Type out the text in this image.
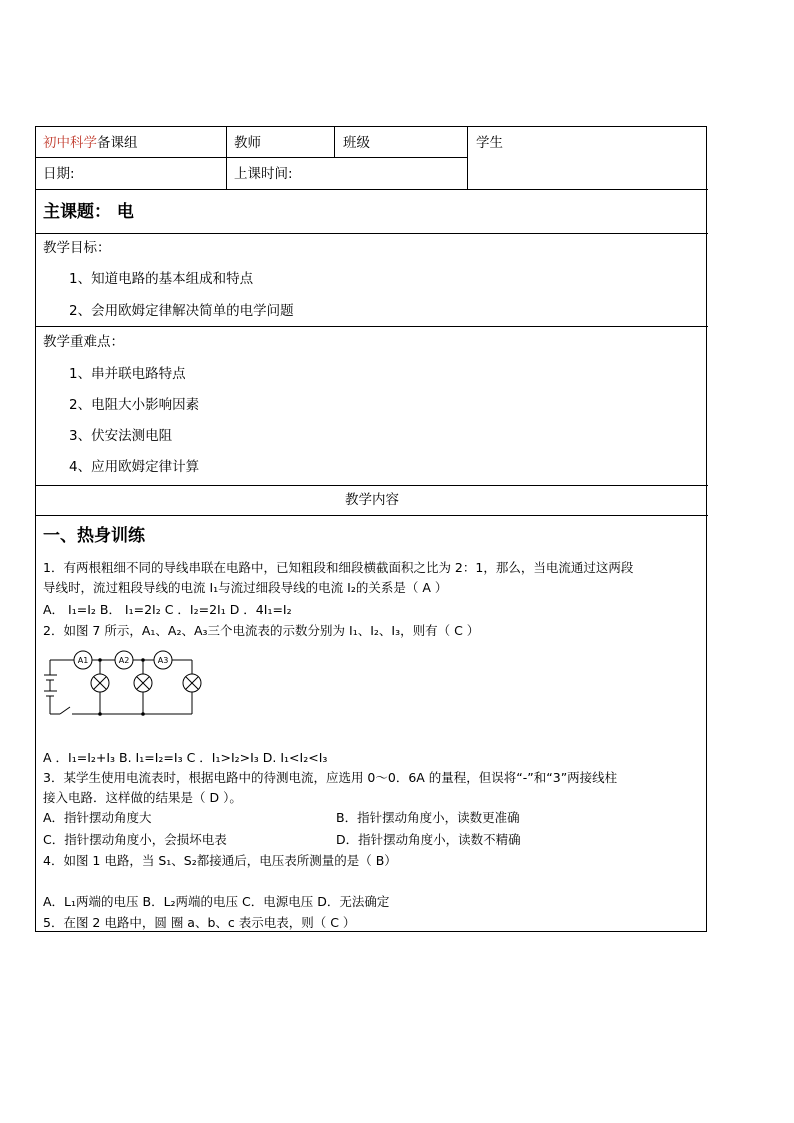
初中科学备课组	教师	班级	学生
日期:	上课时间:
主课题： 电
教学目标：
1、知道电路的基本组成和特点
2、会用欧姆定律解决简单的电学问题
教学重难点：
1、串并联电路特点
2、电阻大小影响因素
3、伏安法测电阻
4、应用欧姆定律计算
教学内容
一、热身训练
1．有两根粗细不同的导线串联在电路中，已知粗段和细段横截面积之比为 2：1，那么，当电流通过这两段
导线时，流过粗段导线的电流 I₁与流过细段导线的电流 I₂的关系是（ A ）
A． I₁=I₂ B． I₁=2I₂ C ．I₂=2I₁ D ．4I₁=I₂
2．如图 7 所示，A₁、A₂、A₃三个电流表的示数分别为 I₁、I₂、I₃，则有（ C ）
A1	A2	A3
A ．I₁=I₂+I₃ B. I₁=I₂=I₃ C ．I₁>I₂>I₃ D. I₁<I₂<I₃
3．某学生使用电流表时，根据电路中的待测电流，应选用 0～0．6A 的量程，但误将“-”和“3”两接线柱
接入电路．这样做的结果是（ D ）。
A．指针摆动角度大	B．指针摆动角度小，读数更准确
C．指针摆动角度小，会损坏电表	D．指针摆动角度小，读数不精确
4．如图 1 电路，当 S₁、S₂都接通后，电压表所测量的是（ B）
A．L₁两端的电压 B．L₂两端的电压 C．电源电压 D．无法确定
5．在图 2 电路中，圆 圈 a、b、c 表示电表，则（ C ）
